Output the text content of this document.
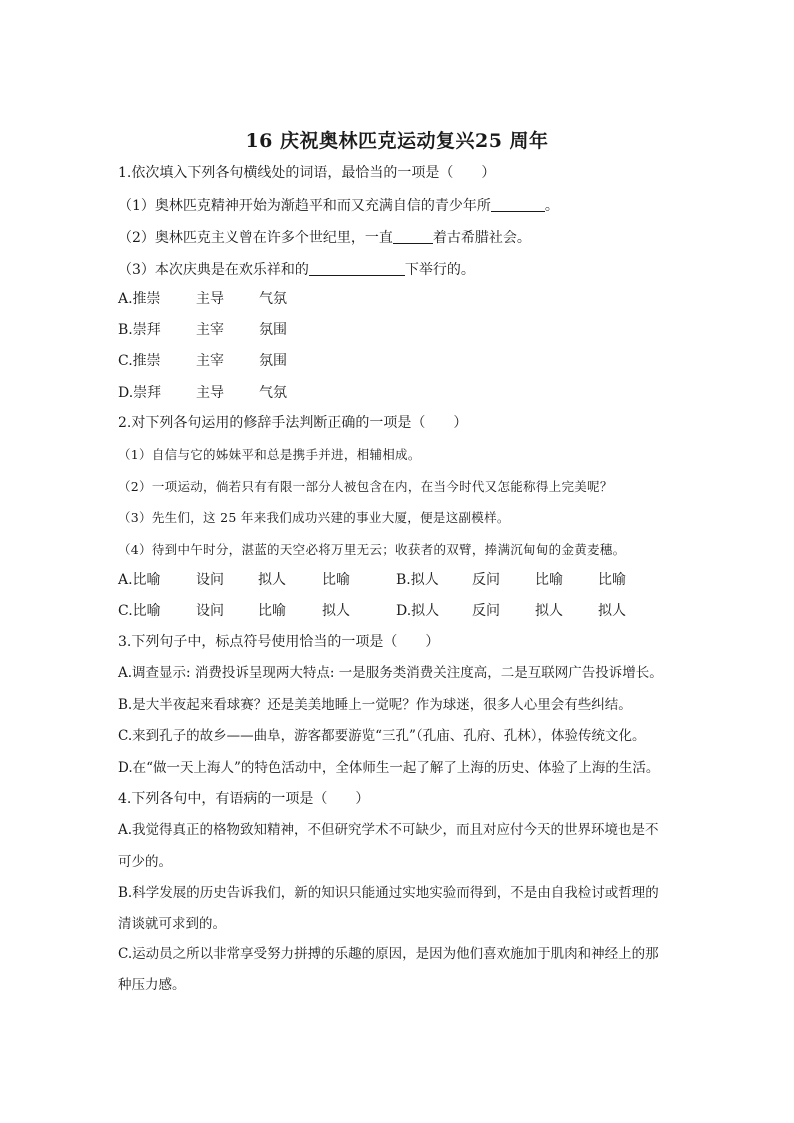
16 庆祝奥林匹克运动复兴25 周年
1.依次填入下列各句横线处的词语，最恰当的一项是（　　）
（1）奥林匹克精神开始为渐趋平和而又充满自信的青少年所	。
（2）奥林匹克主义曾在许多个世纪里，一直	着古希腊社会。
（3）本次庆典是在欢乐祥和的	下举行的。
A.推崇	主导	气氛
B.崇拜	主宰	氛围
C.推崇	主宰	氛围
D.崇拜 主导	气氛
2.对下列各句运用的修辞手法判断正确的一项是（　　）
（1）自信与它的姊妹平和总是携手并进，相辅相成。
（2）一项运动，倘若只有有限一部分人被包含在内，在当今时代又怎能称得上完美呢？
（3）先生们，这 25 年来我们成功兴建的事业大厦，便是这副模样。
（4）待到中午时分，湛蓝的天空必将万里无云；收获者的双臂，捧满沉甸甸的金黄麦穗。
A.比喻	设问 拟人	比喻	B.拟人 反问	比喻	比喻
C.比喻	设问 比喻	拟人	D.拟人 反问	拟人	拟人
3.下列句子中，标点符号使用恰当的一项是（　　）
A.调查显示: 消费投诉呈现两大特点: 一是服务类消费关注度高，二是互联网广告投诉增长。
B.是大半夜起来看球赛？还是美美地睡上一觉呢？作为球迷，很多人心里会有些纠结。
C.来到孔子的故乡——曲阜，游客都要游览“三孔”（孔庙、孔府、孔林），体验传统文化。
D.在“做一天上海人”的特色活动中，全体师生一起了解了上海的历史、体验了上海的生活。
4.下列各句中，有语病的一项是（　　）
A.我觉得真正的格物致知精神，不但研究学术不可缺少，而且对应付今天的世界环境也是不
可少的。
B.科学发展的历史告诉我们，新的知识只能通过实地实验而得到，不是由自我检讨或哲理的
清谈就可求到的。
C.运动员之所以非常享受努力拼搏的乐趣的原因，是因为他们喜欢施加于肌肉和神经上的那
种压力感。
